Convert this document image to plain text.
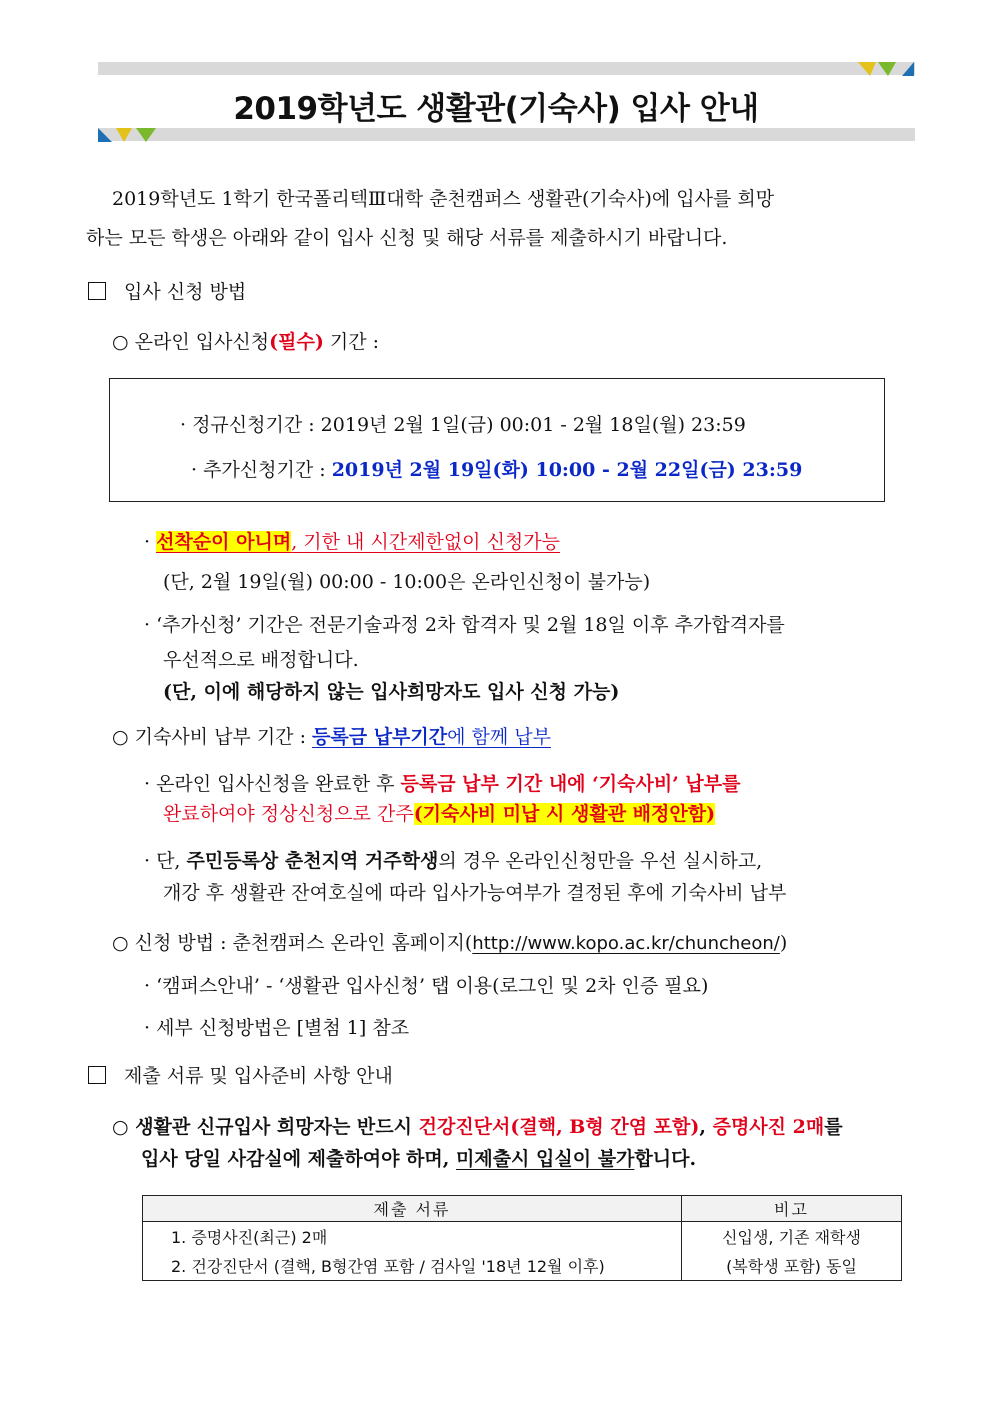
2019학년도 생활관(기숙사) 입사 안내
2019학년도 1학기 한국폴리텍Ⅲ대학 춘천캠퍼스 생활관(기숙사)에 입사를 희망
하는 모든 학생은 아래와 같이 입사 신청 및 해당 서류를 제출하시기 바랍니다.
입사 신청 방법
○ 온라인 입사신청(필수) 기간 :
· 정규신청기간 : 2019년 2월 1일(금) 00:01 - 2월 18일(월) 23:59
· 추가신청기간 : 2019년 2월 19일(화) 10:00 - 2월 22일(금) 23:59
· 선착순이 아니며, 기한 내 시간제한없이 신청가능
(단, 2월 19일(월) 00:00 - 10:00은 온라인신청이 불가능)
· ‘추가신청’ 기간은 전문기술과정 2차 합격자 및 2월 18일 이후 추가합격자를
우선적으로 배정합니다.
(단, 이에 해당하지 않는 입사희망자도 입사 신청 가능)
○ 기숙사비 납부 기간 : 등록금 납부기간에 함께 납부
· 온라인 입사신청을 완료한 후 등록금 납부 기간 내에 ‘기숙사비’ 납부를
완료하여야 정상신청으로 간주(기숙사비 미납 시 생활관 배정안함)
· 단, 주민등록상 춘천지역 거주학생의 경우 온라인신청만을 우선 실시하고,
개강 후 생활관 잔여호실에 따라 입사가능여부가 결정된 후에 기숙사비 납부
○ 신청 방법 : 춘천캠퍼스 온라인 홈페이지(http://www.kopo.ac.kr/chuncheon/)
· ‘캠퍼스안내’ - ‘생활관 입사신청’ 탭 이용(로그인 및 2차 인증 필요)
· 세부 신청방법은 [별첨 1] 참조
제출 서류 및 입사준비 사항 안내
○ 생활관 신규입사 희망자는 반드시 건강진단서(결핵, B형 간염 포함), 증명사진 2매를
입사 당일 사감실에 제출하여야 하며, 미제출시 입실이 불가합니다.
제출 서류	비고
1. 증명사진(최근) 2매	신입생, 기존 재학생
2. 건강진단서 (결핵, B형간염 포함 / 검사일 '18년 12월 이후)	(복학생 포함) 동일
